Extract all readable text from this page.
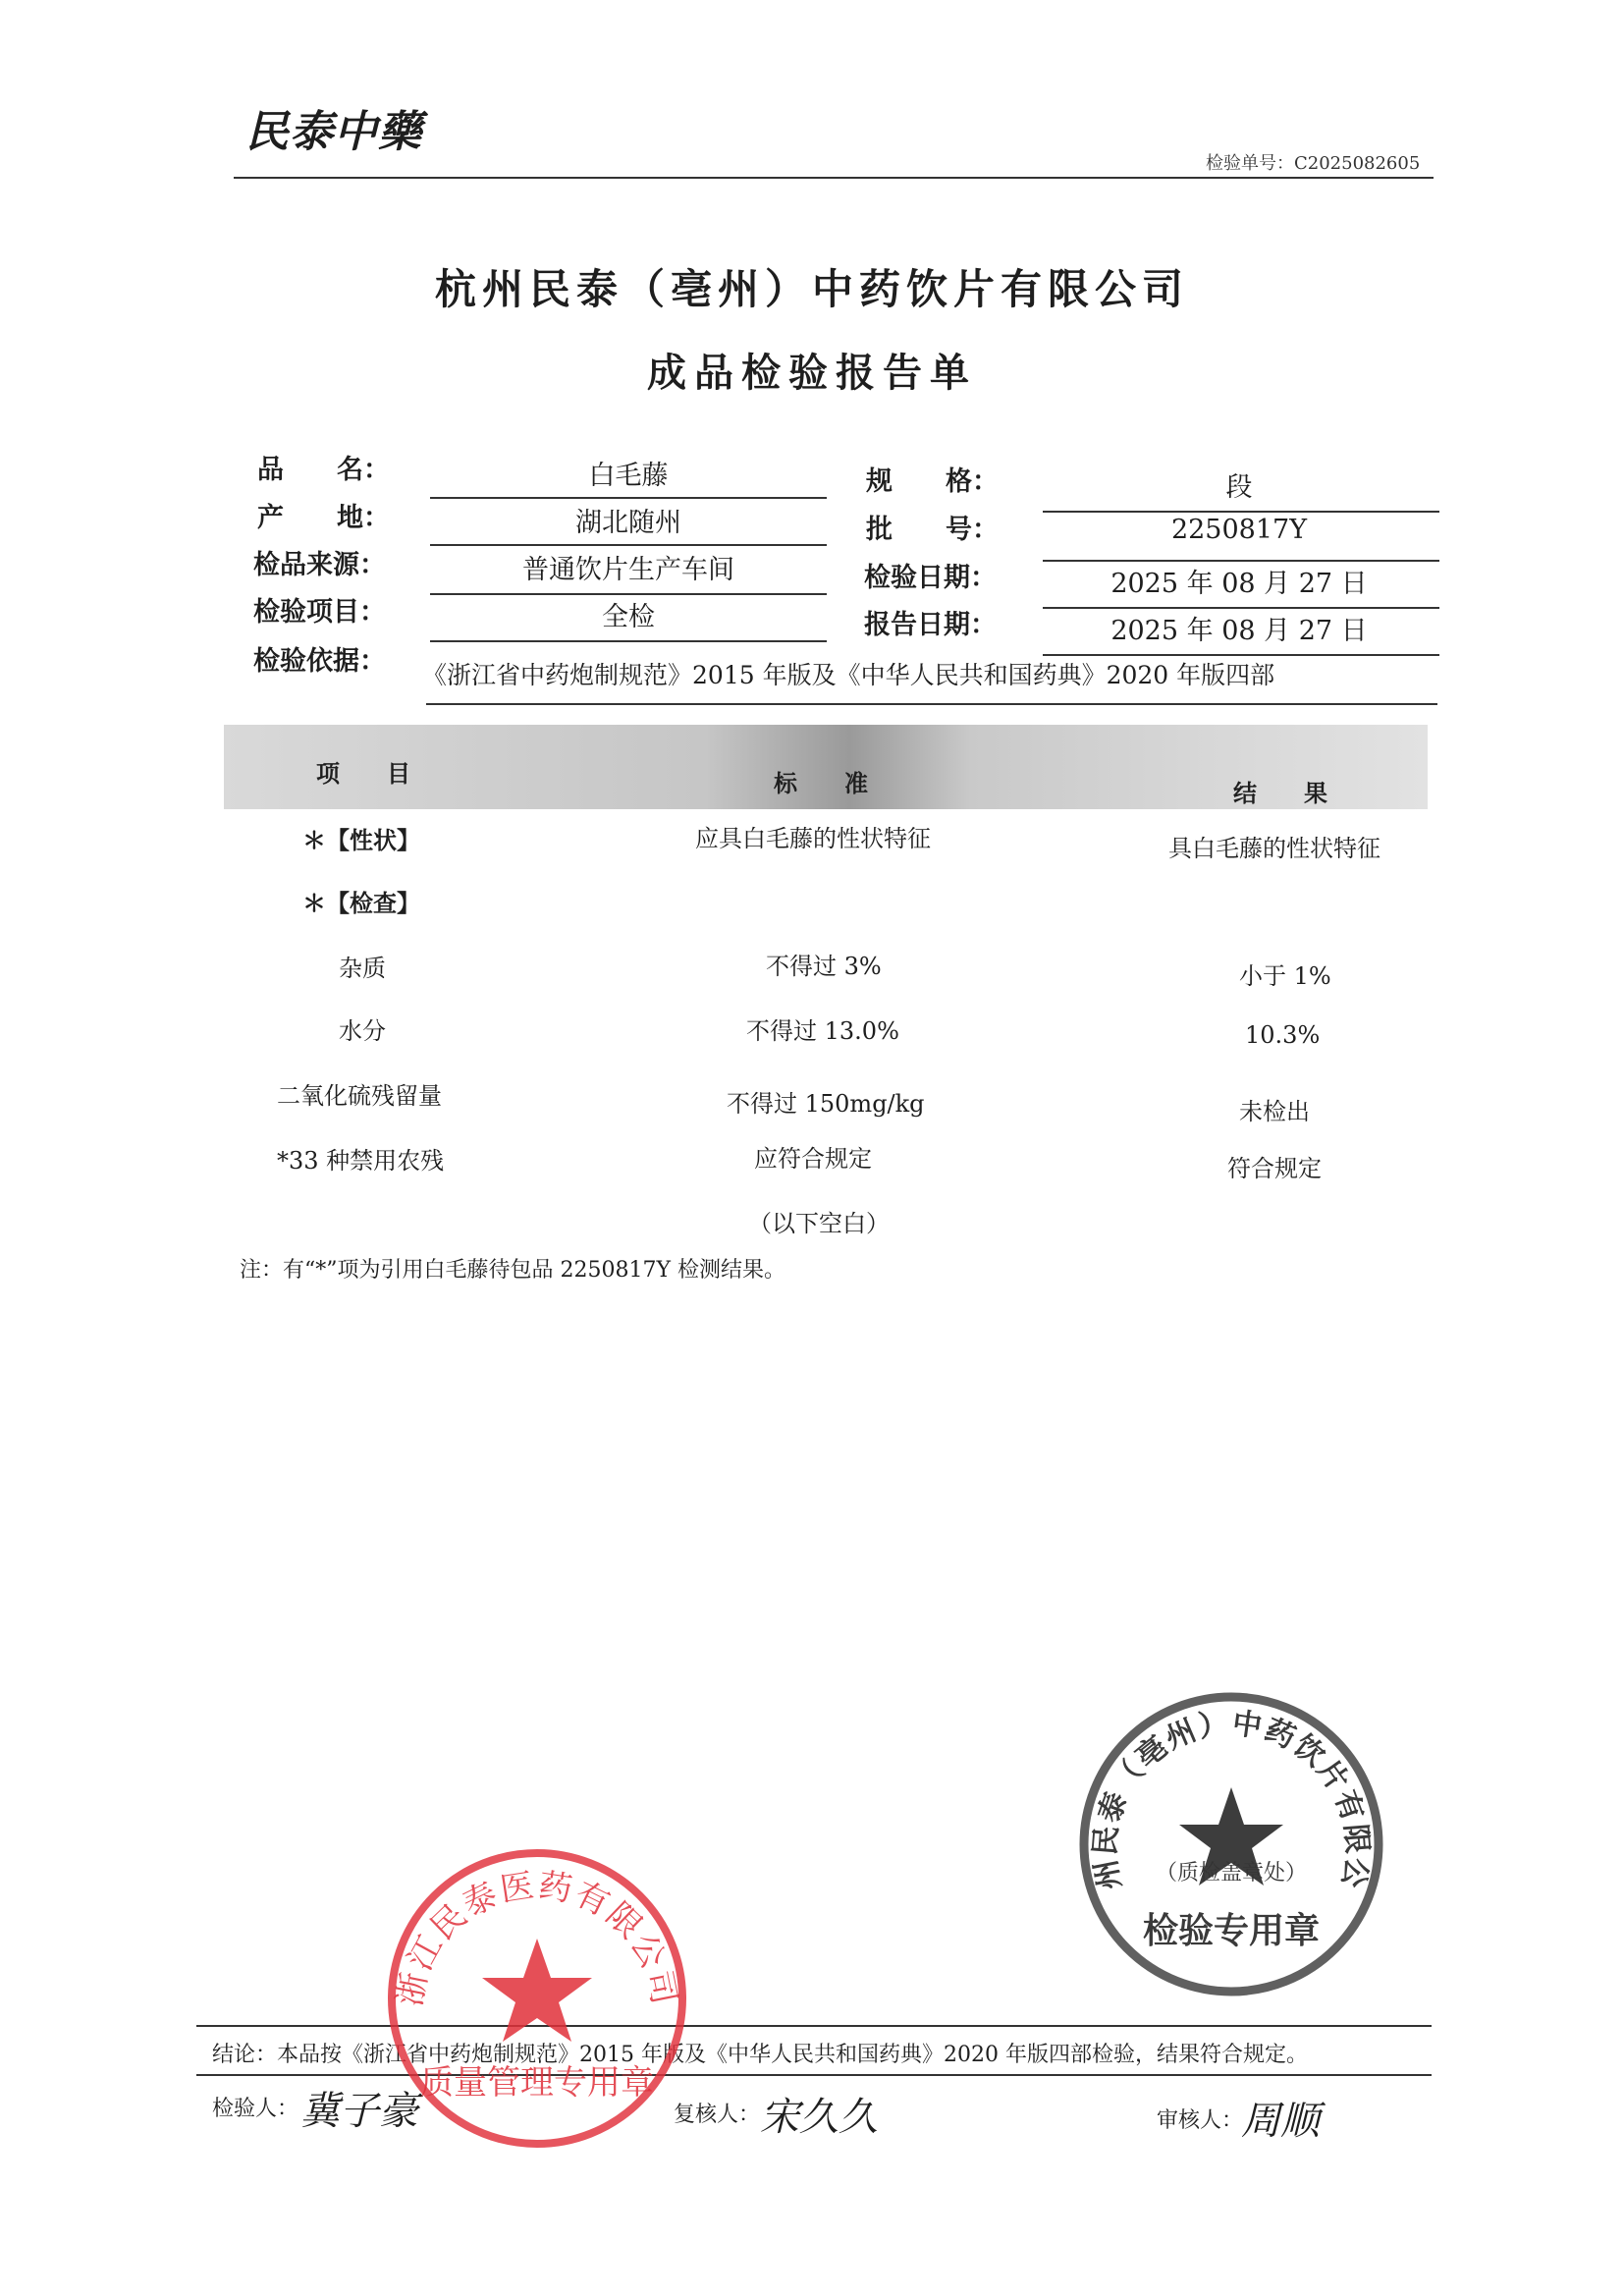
民泰中藥
检验单号：C2025082605
杭州民泰（亳州）中药饮片有限公司
成品检验报告单
品　　名：	白毛藤
产　　地：	湖北随州
检品来源：	普通饮片生产车间
检验项目：	全检
检验依据： 《浙江省中药炮制规范》2015 年版及《中华人民共和国药典》2020 年版四部
规　　格：	段
批　　号：	2250817Y
检验日期：	2025 年 08 月 27 日
报告日期：	2025 年 08 月 27 日
项　　目	标　　准	结　　果
＊【性状】	应具白毛藤的性状特征	具白毛藤的性状特征
＊【检查】
杂质	不得过 3%	小于 1%
水分	不得过 13.0%	10.3%
二氧化硫残留量	不得过 150mg/kg	未检出
*33 种禁用农残	应符合规定	符合规定
（以下空白）
注：有“*”项为引用白毛藤待包品 2250817Y 检测结果。
州民泰（亳州）中药饮片有限公
（质检盖章处）
检验专用章
结论：本品按《浙江省中药炮制规范》2015 年版及《中华人民共和国药典》2020 年版四部检验，结果符合规定。
检验人： 冀子豪	复核人： 宋久久	审核人：
周顺
浙江民泰医药有限公司
质量管理专用章
